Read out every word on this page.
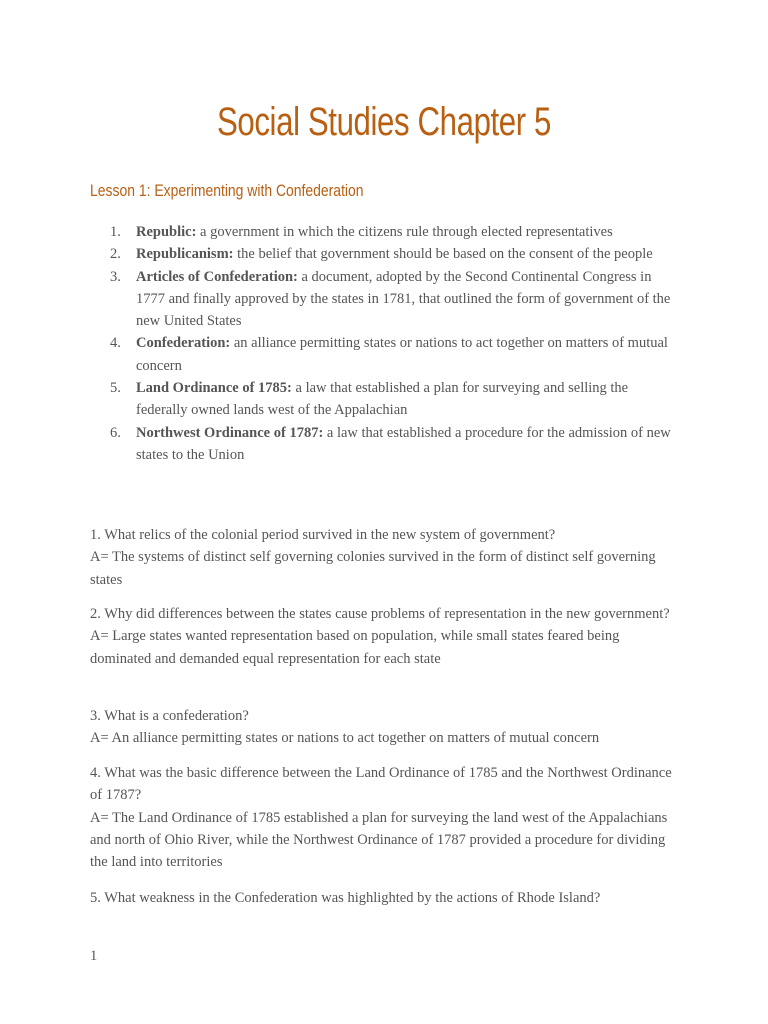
Social Studies Chapter 5
Lesson 1: Experimenting with Confederation
1. Republic: a government in which the citizens rule through elected representatives
2. Republicanism: the belief that government should be based on the consent of the people
3. Articles of Confederation: a document, adopted by the Second Continental Congress in 1777 and finally approved by the states in 1781, that outlined the form of government of the new United States
4. Confederation: an alliance permitting states or nations to act together on matters of mutual concern
5. Land Ordinance of 1785: a law that established a plan for surveying and selling the federally owned lands west of the Appalachian
6. Northwest Ordinance of 1787: a law that established a procedure for the admission of new states to the Union
1. What relics of the colonial period survived in the new system of government?
A= The systems of distinct self governing colonies survived in the form of distinct self governing states
2. Why did differences between the states cause problems of representation in the new government?
A= Large states wanted representation based on population, while small states feared being dominated and demanded equal representation for each state
3. What is a confederation?
A= An alliance permitting states or nations to act together on matters of mutual concern
4. What was the basic difference between the Land Ordinance of 1785 and the Northwest Ordinance of 1787?
A= The Land Ordinance of 1785 established a plan for surveying the land west of the Appalachians and north of Ohio River, while the Northwest Ordinance of 1787 provided a procedure for dividing the land into territories
5. What weakness in the Confederation was highlighted by the actions of Rhode Island?
1
